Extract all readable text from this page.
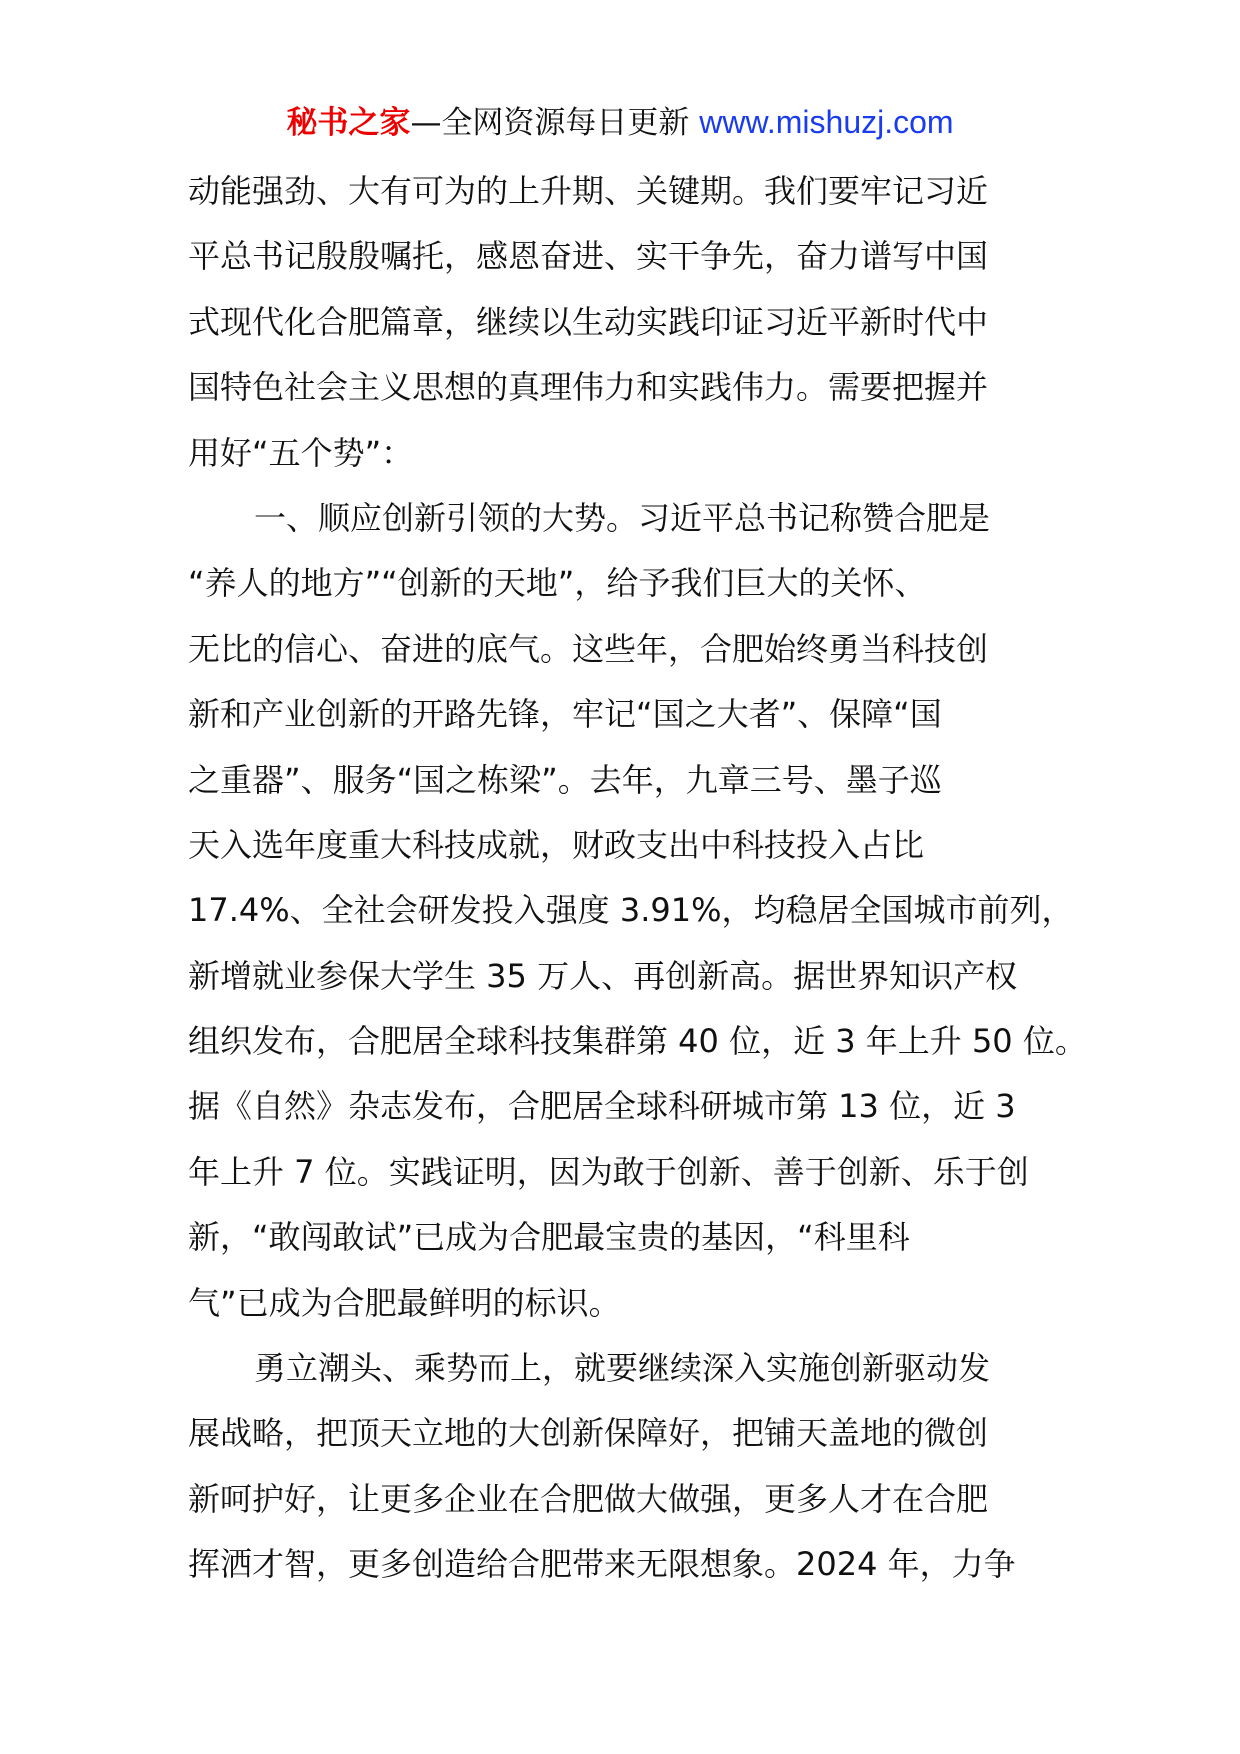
秘书之家—全网资源每日更新 www.mishuzj.com
动能强劲、大有可为的上升期、关键期。我们要牢记习近
平总书记殷殷嘱托，感恩奋进、实干争先，奋力谱写中国
式现代化合肥篇章，继续以生动实践印证习近平新时代中
国特色社会主义思想的真理伟力和实践伟力。需要把握并
用好“五个势”：
一、顺应创新引领的大势。习近平总书记称赞合肥是
“养人的地方”“创新的天地”，给予我们巨大的关怀、
无比的信心、奋进的底气。这些年，合肥始终勇当科技创
新和产业创新的开路先锋，牢记“国之大者”、保障“国
之重器”、服务“国之栋梁”。去年，九章三号、墨子巡
天入选年度重大科技成就，财政支出中科技投入占比
17.4%、全社会研发投入强度 3.91%，均稳居全国城市前列，
新增就业参保大学生 35 万人、再创新高。据世界知识产权
组织发布，合肥居全球科技集群第 40 位，近 3 年上升 50 位。
据《自然》杂志发布，合肥居全球科研城市第 13 位，近 3
年上升 7 位。实践证明，因为敢于创新、善于创新、乐于创
新，“敢闯敢试”已成为合肥最宝贵的基因，“科里科
气”已成为合肥最鲜明的标识。
勇立潮头、乘势而上，就要继续深入实施创新驱动发
展战略，把顶天立地的大创新保障好，把铺天盖地的微创
新呵护好，让更多企业在合肥做大做强，更多人才在合肥
挥洒才智，更多创造给合肥带来无限想象。2024 年，力争
